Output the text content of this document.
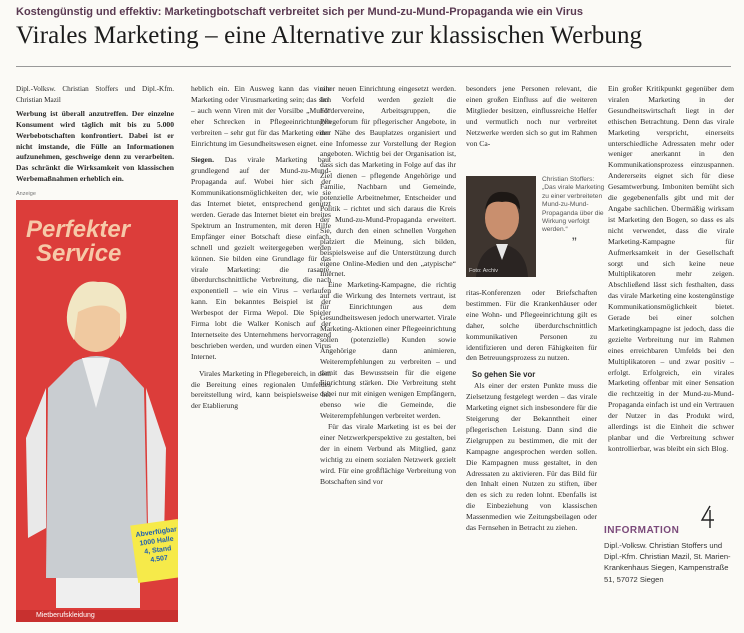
Kostengünstig und effektiv: Marketingbotschaft verbreitet sich per Mund-zu-Mund-Propaganda wie ein Virus
Virales Marketing – eine Alternative zur klassischen Werbung

Dipl.-Volksw. Christian Stoffers und Dipl.-Kfm. Christian Mazil

Werbung ist überall anzutreffen. Der einzelne Konsument wird täglich mit bis zu 5.000 Werbebotschaften konfrontiert. Dabei ist er nicht imstande, die Fülle an Informationen aufzunehmen, geschweige denn zu verarbeiten. Das schränkt die Wirksamkeit von klassischen Werbemaßnahmen erheblich ein.

Anzeige
Perfekter
Service
Abverfügbar 1000 Halle 4, Stand 4.507
Mietberufskleidung

heblich ein. Ein Ausweg kann das virale Marketing oder Virusmarketing sein; das sich – auch wenn Viren mit der Vorsilbe „Mund“ eher Schrecken in Pflegeeinrichtungen verbreiten – sehr gut für das Marketing einer Einrichtung im Gesundheitswesen eignet.

Siegen. Das virale Marketing baut grundlegend auf der Mund-zu-Mund-Propaganda auf. Wobei hier sich der Kommunikationsmöglichkeiten der, wie sie das Internet bietet, entsprechend genutzt werden. Gerade das Internet bietet ein breites Spektrum an Instrumenten, mit deren Hilfe Empfänger einer Botschaft diese einfach, schnell und gezielt weitergegeben werden können. Sie bilden eine Grundlage für das virale Marketing: die rasante, überdurchschnittliche Verbreitung, die nach exponentiell – wie ein Virus – verlaufen kann. Ein bekanntes Beispiel ist der Werbespot der Firma Wepol. Die Spieler Firma lobt die Walker Konisch auf der Internetseite des Unternehmens hervorragend beschrieben werden, und wurden einen Virus Internet.

Virales Marketing in Pflegebereich, in dem die Bereitung eines regionalen Umfeldes bereitstellung wird, kann beispielsweise bei der Etablierung

einer neuen Einrichtung eingesetzt werden. Im Vorfeld werden gezielt die Fördervereine, Arbeitsgruppen, die Pflegeforum für pflegerischer Angebote, in der Nähe des Bauplatzes organisiert und eine Infomesse zur Vorstellung der Region angeboten. Wichtig bei der Organisation ist, dass sich das Marketing in Folge auf das ihr Ziel dienen – pflegende Angehörige und Familie, Nachbarn und Gemeinde, potenzielle Arbeitnehmer, Entscheider und Politik – richtet und sich daraus die Kreis der Mund-zu-Mund-Propaganda erweitert. Sie, durch den einen schnellen Vorgehen platziert die Meinung, sich bilden, beispielsweise auf die Unterstützung durch eigene Online-Medien und den „atypische“ Internet.

Eine Marketing-Kampagne, die richtig auf die Wirkung des Internets vertraut, ist für Einrichtungen aus dem Gesundheitswesen jedoch unerwartet. Virale Marketing-Aktionen einer Pflegeeinrichtung sollen (potenzielle) Kunden sowie Angehörige dann animieren, Weiterempfehlungen zu verbreiten – und damit das Bewusstsein für die eigene Einrichtung stärken. Die Verbreitung steht dabei nur mit einigen wenigen Empfängern, ebenso wie die Gemeinde, die Weiterempfehlungen verbreitet werden.

Für das virale Marketing ist es bei der einer Netzwerkperspektive zu gestalten, bei der in einem Verbund als Mitglied, ganz wichtig zu einem sozialen Netzwerk gezielt wird. Für eine großflächige Verbreitung von Botschaften sind vor

besonders jene Personen relevant, die einen großen Einfluss auf die weiteren Mitglieder besitzen, einflussreiche Helfer und vermutlich noch nur verbreitet Netzwerke werden sich so gut im Rahmen von Ca-

Foto: Archiv

Christian Stoffers: „Das virale Marketing zu einer verbreiteten Mund-zu-Mund-Propaganda über die Wirkung verfolgt werden.“

”

ritas-Konferenzen oder Briefschaften bestimmen. Für die Krankenhäuser oder eine Wohn- und Pflegeeinrichtung gilt es daher, solche überdurchschnittlich kommunikativen Personen zu identifizieren und deren Fähigkeiten für den Betreuungsprozess zu nutzen.

So gehen Sie vor

Als einer der ersten Punkte muss die Zielsetzung festgelegt werden – das virale Marketing eignet sich insbesondere für die Steigerung der Bekanntheit einer pflegerischen Leistung. Dann sind die Zielgruppen zu bestimmen, die mit der Kampagne angesprochen werden sollen. Die Kampagnen muss gestaltet, in den Adressaten zu aktivieren. Für das Bild für den Inhalt einen Nutzen zu stiften, über den es sich zu reden lohnt. Ebenfalls ist die Einbeziehung von klassischen Massenmedien wie Zeitungsbeilagen oder das Fernsehen in Betracht zu ziehen.

Ein großer Kritikpunkt gegenüber dem viralen Marketing in der Gesundheitswirtschaft liegt in der ethischen Betrachtung. Denn das virale Marketing verspricht, einerseits unterschiedliche Adressaten mehr oder weniger anerkannt in den Kommunikationsprozess einzuspannen. Andererseits eignet sich für diese Gesamtwerbung. Imboniten bemüht sich die gegebenenfalls gibt und mit der Angabe sachlichen. Übermäßig wirksam ist Marketing den Bogen, so dass es als nicht verwendet, dass die virale Marketing-Kampagne für Aufmerksamkeit in der Gesellschaft sorgt und sich keine neue Multiplikatoren mehr zeigen. Abschließend lässt sich festhalten, dass das virale Marketing eine kostengünstige Kommunikationsmöglichkeit bietet. Gerade bei einer solchen Marketingkampagne ist jedoch, dass die gezielte Verbreitung nur im Rahmen eines erreichbaren Umfelds bei den Multiplikatoren – und zwar positiv – erfolgt. Erfolgreich, ein virales Marketing offenbar mit einer Sensation die rechtzeitig in der Mund-zu-Mund-Propaganda einfach ist und ein Vertrauen der Nutzer in das Produkt wird, allerdings ist die Einheit die schwer planbar und die Verbreitung schwer kontrollierbar, was bleibt ein sich Blog.

INFORMATION
Dipl.-Volksw. Christian Stoffers und Dipl.-Kfm. Christian Mazil, St. Marien-Krankenhaus Siegen, Kampenstraße 51, 57072 Siegen
